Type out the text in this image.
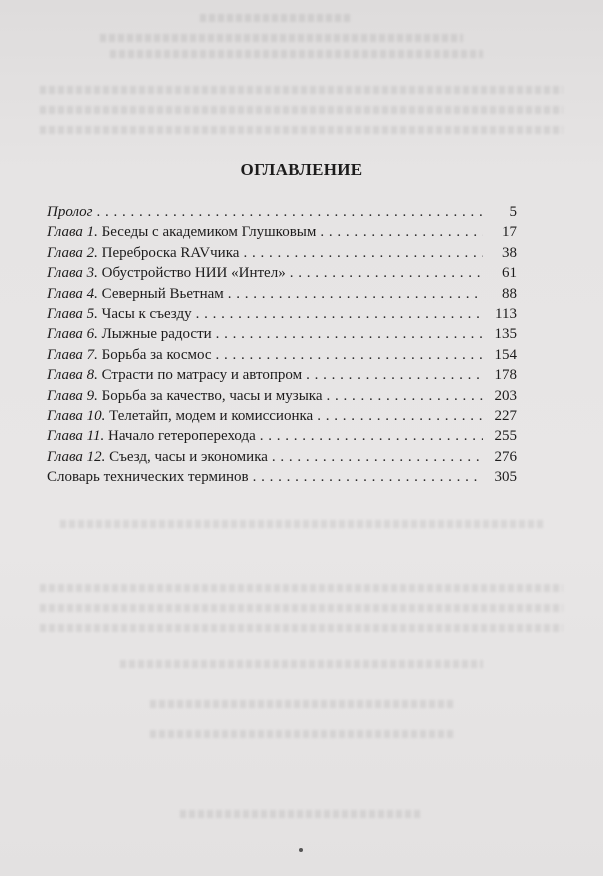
ОГЛАВЛЕНИЕ
Пролог . . .	5
Глава 1. Беседы с академиком Глушковым . . .	17
Глава 2. Переброска RAVчика . . .	38
Глава 3. Обустройство НИИ «Интел» . . .	61
Глава 4. Северный Вьетнам . . .	88
Глава 5. Часы к съезду . . .	113
Глава 6. Лыжные радости . . .	135
Глава 7. Борьба за космос . . .	154
Глава 8. Страсти по матрасу и автопром . . .	178
Глава 9. Борьба за качество, часы и музыка . . .	203
Глава 10. Телетайп, модем и комиссионка . . .	227
Глава 11. Начало гетероперехода . . .	255
Глава 12. Съезд, часы и экономика . . .	276
Словарь технических терминов . . .	305
